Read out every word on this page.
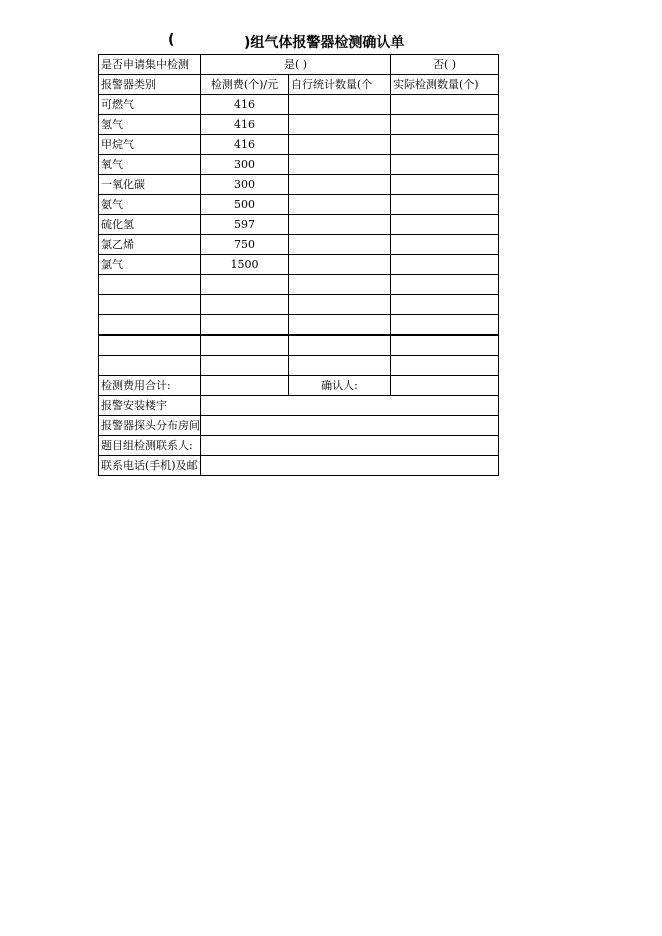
(	)组气体报警器检测确认单
是否申请集中检测	是( )		否( )
报警器类别	检测费(个)/元	自行统计数量(个	实际检测数量(个)
可燃气	416		
氢气	416		
甲烷气	416		
氧气	300		
一氧化碳	300		
氨气	500		
硫化氢	597		
氯乙烯	750		
氯气	1500		

检测费用合计:		确认人:	
报警安装楼宇			
报警器探头分布房间			
题目组检测联系人:			
联系电话(手机)及邮			
